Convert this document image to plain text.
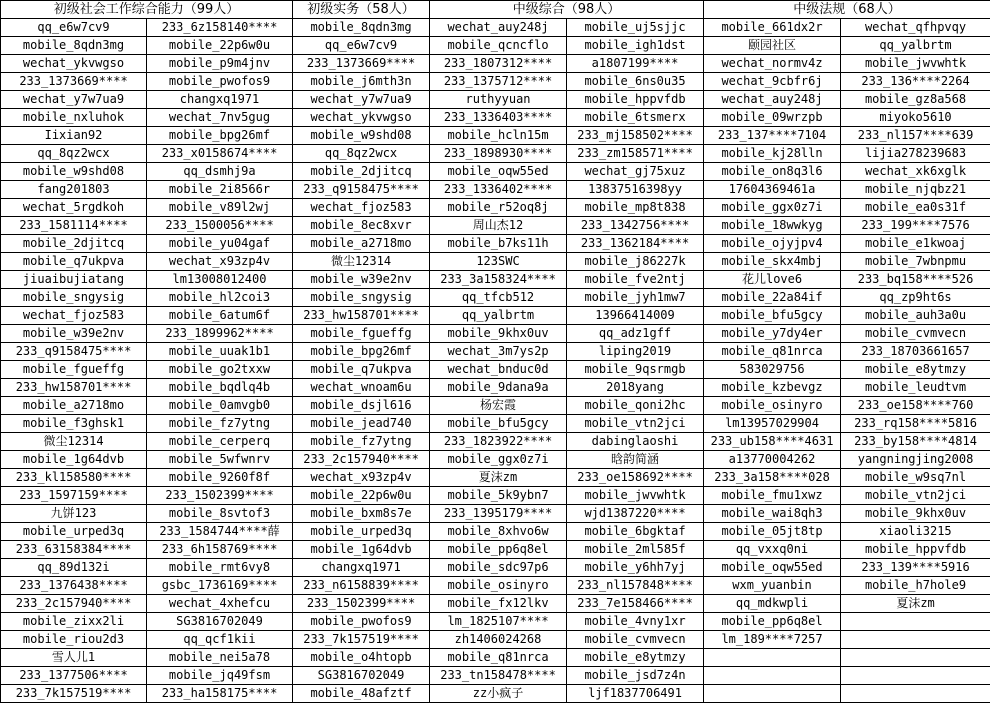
初级社会工作综合能力（99人）		初级实务（58人）	中级综合（98人）		中级法规（68人）	
qq_e6w7cv9	233_6z158140****	mobile_8qdn3mg	wechat_auy248j	mobile_uj5sjjc	mobile_661dx2r	wechat_qfhpvqy
mobile_8qdn3mg	mobile_22p6w0u	qq_e6w7cv9	mobile_qcncflo	mobile_igh1dst	颐园社区	qq_yalbrtm
wechat_ykvwgso	mobile_p9m4jnv	233_1373669****	233_1807312****	a1807199****	wechat_normv4z	mobile_jwvwhtk
233_1373669****	mobile_pwofos9	mobile_j6mth3n	233_1375712****	mobile_6ns0u35	wechat_9cbfr6j	233_136****2264
wechat_y7w7ua9	changxq1971	wechat_y7w7ua9	ruthyyuan	mobile_hppvfdb	wechat_auy248j	mobile_gz8a568
mobile_nxluhok	wechat_7nv5gug	wechat_ykvwgso	233_1336403****	mobile_6tsmerx	mobile_09wrzpb	miyoko5610
Iixian92	mobile_bpg26mf	mobile_w9shd08	mobile_hcln15m	233_mj158502****	233_137****7104	233_nl157****639
qq_8qz2wcx	233_x0158674****	qq_8qz2wcx	233_1898930****	233_zm158571****	mobile_kj28lln	lijia278239683
mobile_w9shd08	qq_dsmhj9a	mobile_2djitcq	mobile_oqw55ed	wechat_gj75xuz	mobile_on8q3l6	wechat_xk6xglk
fang201803	mobile_2i8566r	233_q9158475****	233_1336402****	13837516398yy	17604369461a	mobile_njqbz21
wechat_5rgdkoh	mobile_v89l2wj	wechat_fjoz583	mobile_r52oq8j	mobile_mp8t838	mobile_ggx0z7i	mobile_ea0s31f
233_1581114****	233_1500056****	mobile_8ec8xvr	周山杰12	233_1342756****	mobile_18wwkyg	233_199****7576
mobile_2djitcq	mobile_yu04gaf	mobile_a2718mo	mobile_b7ks11h	233_1362184****	mobile_ojyjpv4	mobile_e1kwoaj
mobile_q7ukpva	wechat_x93zp4v	微尘12314	123SWC	mobile_j86227k	mobile_skx4mbj	mobile_7wbnpmu
jiuaibujiatang	lm13008012400	mobile_w39e2nv	233_3a158324****	mobile_fve2ntj	花儿love6	233_bq158****526
mobile_sngysig	mobile_hl2coi3	mobile_sngysig	qq_tfcb512	mobile_jyh1mw7	mobile_22a84if	qq_zp9ht6s
wechat_fjoz583	mobile_6atum6f	233_hw158701****	qq_yalbrtm	13966414009	mobile_bfu5gcy	mobile_auh3a0u
mobile_w39e2nv	233_1899962****	mobile_fgueffg	mobile_9khx0uv	qq_adz1gff	mobile_y7dy4er	mobile_cvmvecn
233_q9158475****	mobile_uuak1b1	mobile_bpg26mf	wechat_3m7ys2p	liping2019	mobile_q81nrca	233_18703661657
mobile_fgueffg	mobile_go2txxw	mobile_q7ukpva	wechat_bnduc0d	mobile_9qsrmgb	583029756	mobile_e8ytmzy
233_hw158701****	mobile_bqdlq4b	wechat_wnoam6u	mobile_9dana9a	2018yang	mobile_kzbevgz	mobile_leudtvm
mobile_a2718mo	mobile_0amvgb0	mobile_dsjl616	杨宏霞	mobile_qoni2hc	mobile_osinyro	233_oe158****760
mobile_f3ghsk1	mobile_fz7ytng	mobile_jead740	mobile_bfu5gcy	mobile_vtn2jci	lm13957029904	233_rq158****5816
微尘12314	mobile_cerperq	mobile_fz7ytng	233_1823922****	dabinglaoshi	233_ub158****4631	233_by158****4814
mobile_1g64dvb	mobile_5wfwnrv	233_2c157940****	mobile_ggx0z7i	晗韵简涵	a13770004262	yangningjing2008
233_kl158580****	mobile_9260f8f	wechat_x93zp4v	夏沫zm	233_oe158692****	233_3a158****028	mobile_w9sq7nl
233_1597159****	233_1502399****	mobile_22p6w0u	mobile_5k9ybn7	mobile_jwvwhtk	mobile_fmu1xwz	mobile_vtn2jci
九饼123	mobile_8svtof3	mobile_bxm8s7e	233_1395179****	wjd1387220****	mobile_wai8qh3	mobile_9khx0uv
mobile_urped3q	233_1584744****薛	mobile_urped3q	mobile_8xhvo6w	mobile_6bgktaf	mobile_05jt8tp	xiaoli3215
233_63158384****	233_6h158769****	mobile_1g64dvb	mobile_pp6q8el	mobile_2ml585f	qq_vxxq0ni	mobile_hppvfdb
qq_89d132i	mobile_rmt6vy8	changxq1971	mobile_sdc97p6	mobile_y6hh7yj	mobile_oqw55ed	233_139****5916
233_1376438****	gsbc_1736169****	233_n6158839****	mobile_osinyro	233_nl157848****	wxm_yuanbin	mobile_h7hole9
233_2c157940****	wechat_4xhefcu	233_1502399****	mobile_fx12lkv	233_7e158466****	qq_mdkwpli	夏沫zm
mobile_zixx2li	SG3816702049	mobile_pwofos9	lm_1825107****	mobile_4vny1xr	mobile_pp6q8el	
mobile_riou2d3	qq_qcf1kii	233_7k157519****	zh1406024268	mobile_cvmvecn	lm_189****7257	
雪人儿1	mobile_nei5a78	mobile_o4htopb	mobile_q81nrca	mobile_e8ytmzy		
233_1377506****	mobile_jq49fsm	SG3816702049	233_tn158478****	mobile_jsd7z4n		
233_7k157519****	233_ha158175****	mobile_48afztf	zz小疯子	ljf1837706491		
